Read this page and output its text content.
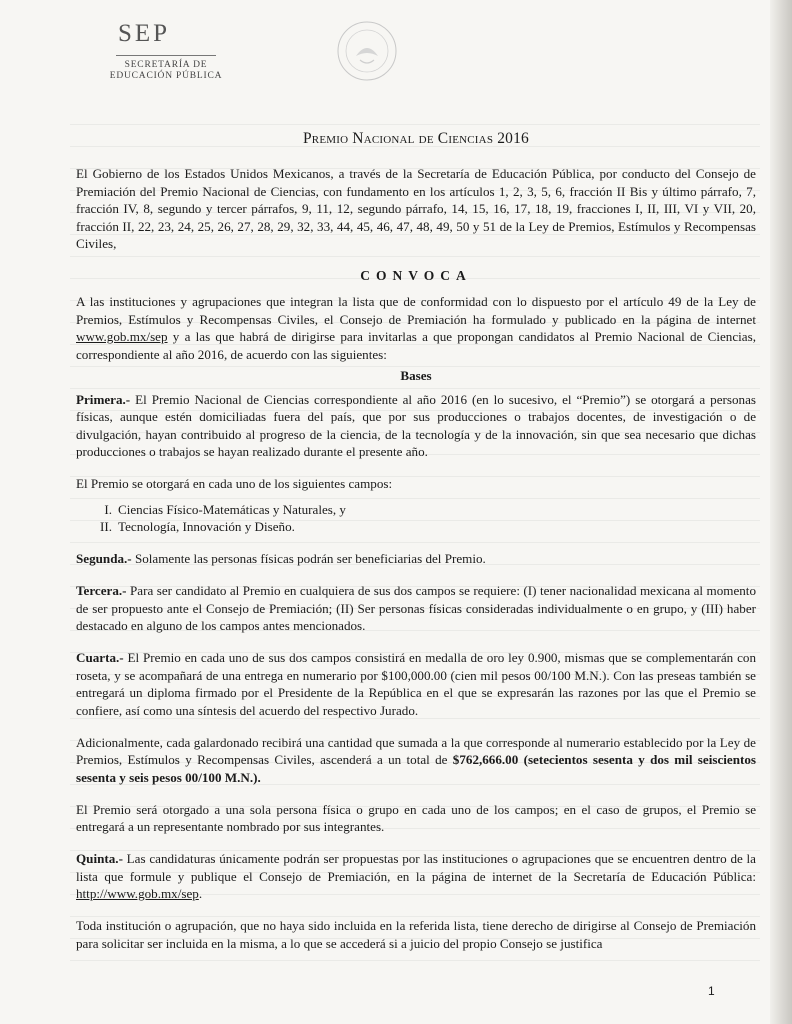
SEP
SECRETARÍA DE
EDUCACIÓN PÚBLICA
Premio Nacional de Ciencias 2016

El Gobierno de los Estados Unidos Mexicanos, a través de la Secretaría de Educación Pública, por conducto del Consejo de Premiación del Premio Nacional de Ciencias, con fundamento en los artículos 1, 2, 3, 5, 6, fracción II Bis y último párrafo, 7, fracción IV, 8, segundo y tercer párrafos, 9, 11, 12, segundo párrafo, 14, 15, 16, 17, 18, 19, fracciones I, II, III, VI y VII, 20, fracción II, 22, 23, 24, 25, 26, 27, 28, 29, 32, 33, 44, 45, 46, 47, 48, 49, 50 y 51 de la Ley de Premios, Estímulos y Recompensas Civiles,

CONVOCA

A las instituciones y agrupaciones que integran la lista que de conformidad con lo dispuesto por el artículo 49 de la Ley de Premios, Estímulos y Recompensas Civiles, el Consejo de Premiación ha formulado y publicado en la página de internet www.gob.mx/sep y a las que habrá de dirigirse para invitarlas a que propongan candidatos al Premio Nacional de Ciencias, correspondiente al año 2016, de acuerdo con las siguientes:

Bases

Primera.- El Premio Nacional de Ciencias correspondiente al año 2016 (en lo sucesivo, el “Premio”) se otorgará a personas físicas, aunque estén domiciliadas fuera del país, que por sus producciones o trabajos docentes, de investigación o de divulgación, hayan contribuido al progreso de la ciencia, de la tecnología y de la innovación, sin que sea necesario que dichas producciones o trabajos se hayan realizado durante el presente año.

El Premio se otorgará en cada uno de los siguientes campos:

I. Ciencias Físico-Matemáticas y Naturales, y
II. Tecnología, Innovación y Diseño.

Segunda.- Solamente las personas físicas podrán ser beneficiarias del Premio.

Tercera.- Para ser candidato al Premio en cualquiera de sus dos campos se requiere: (I) tener nacionalidad mexicana al momento de ser propuesto ante el Consejo de Premiación; (II) Ser personas físicas consideradas individualmente o en grupo, y (III) haber destacado en alguno de los campos antes mencionados.

Cuarta.- El Premio en cada uno de sus dos campos consistirá en medalla de oro ley 0.900, mismas que se complementarán con roseta, y se acompañará de una entrega en numerario por $100,000.00 (cien mil pesos 00/100 M.N.). Con las preseas también se entregará un diploma firmado por el Presidente de la República en el que se expresarán las razones por las que el Premio se confiere, así como una síntesis del acuerdo del respectivo Jurado.

Adicionalmente, cada galardonado recibirá una cantidad que sumada a la que corresponde al numerario establecido por la Ley de Premios, Estímulos y Recompensas Civiles, ascenderá a un total de $762,666.00 (setecientos sesenta y dos mil seiscientos sesenta y seis pesos 00/100 M.N.).

El Premio será otorgado a una sola persona física o grupo en cada uno de los campos; en el caso de grupos, el Premio se entregará a un representante nombrado por sus integrantes.

Quinta.- Las candidaturas únicamente podrán ser propuestas por las instituciones o agrupaciones que se encuentren dentro de la lista que formule y publique el Consejo de Premiación, en la página de internet de la Secretaría de Educación Pública: http://www.gob.mx/sep.

Toda institución o agrupación, que no haya sido incluida en la referida lista, tiene derecho de dirigirse al Consejo de Premiación para solicitar ser incluida en la misma, a lo que se accederá si a juicio del propio Consejo se justifica

1
